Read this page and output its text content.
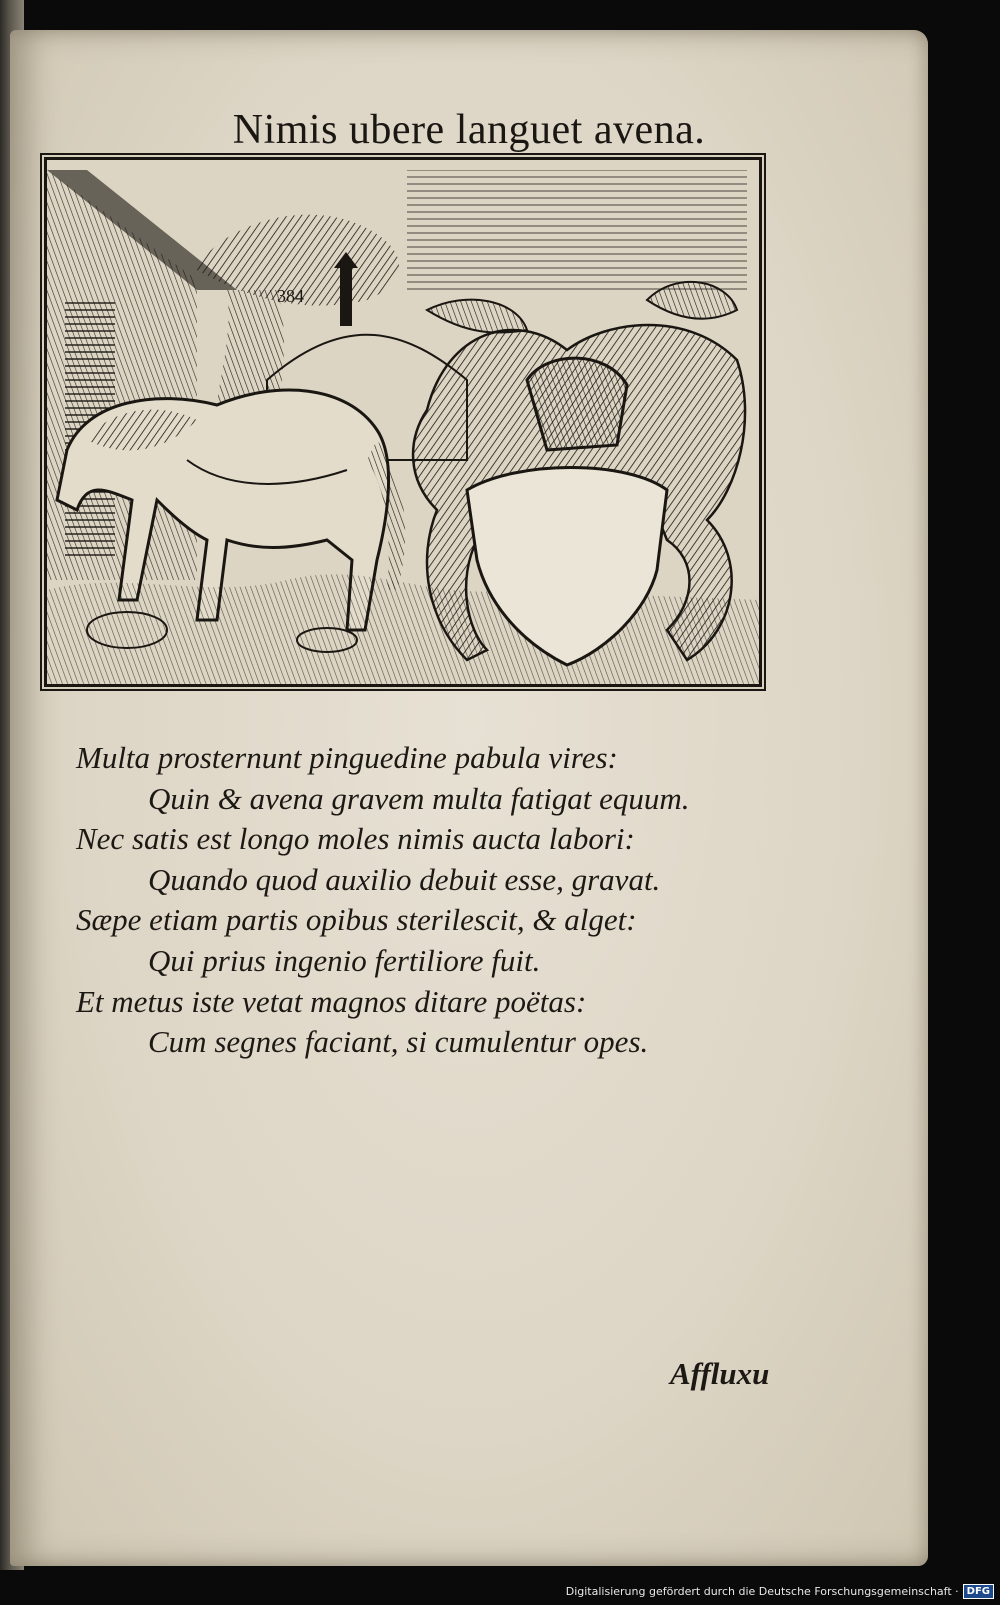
Nimis ubere languet avena.
384
Multa prosternunt pinguedine pabula vires:
Quin & avena gravem multa fatigat equum.
Nec satis est longo moles nimis aucta labori:
Quando quod auxilio debuit esse, gravat.
Sæpe etiam partis opibus sterilescit, & alget:
Qui prius ingenio fertiliore fuit.
Et metus iste vetat magnos ditare poëtas:
Cum segnes faciant, si cumulentur opes.
Affluxu
Digitalisierung gefördert durch die Deutsche Forschungsgemeinschaft · DFG
